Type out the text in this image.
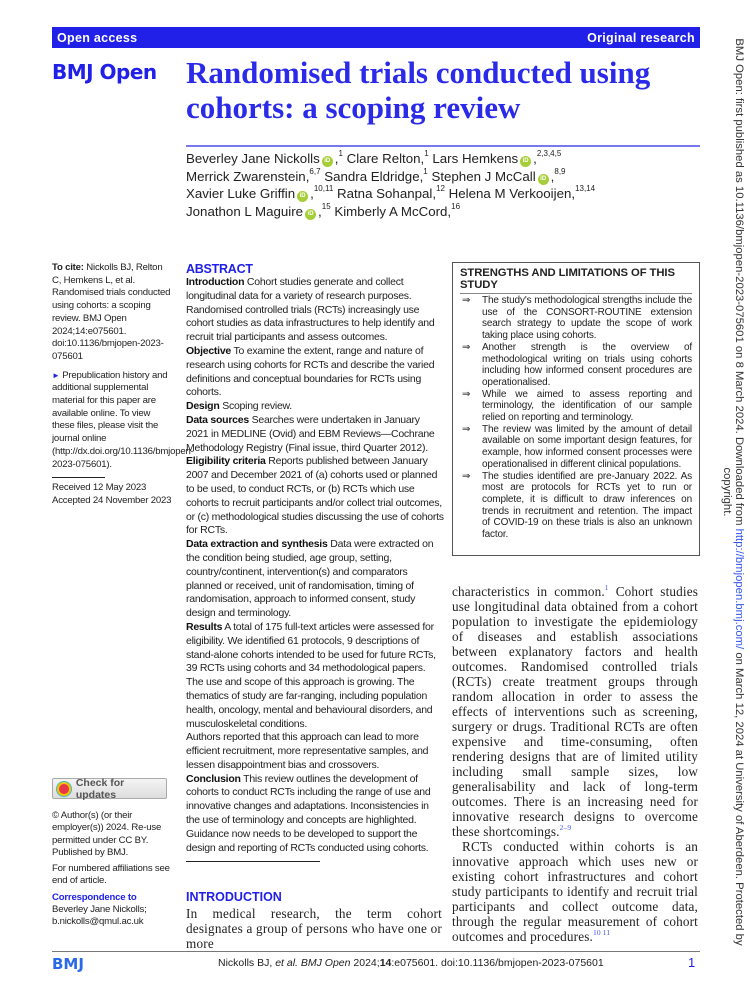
Open access	Original research
BMJ Open Randomised trials conducted using cohorts: a scoping review
Beverley Jane Nickolls iD ,$^1$ Clare Relton,$^1$ Lars Hemkens iD ,$^{2,3,4,5}$
Merrick Zwarenstein,$^{6,7}$ Sandra Eldridge,$^1$ Stephen J McCall iD ,$^{8,9}$
Xavier Luke Griffin iD ,$^{10,11}$ Ratna Sohanpal,$^{12}$ Helena M Verkooijen,$^{13,14}$
Jonathon L Maguire iD ,$^{15}$ Kimberly A McCord,$^{16}$

To cite: Nickolls BJ, Relton C, Hemkens L, et al. Randomised trials conducted using cohorts: a scoping review. BMJ Open 2024;14:e075601. doi:10.1136/bmjopen-2023-075601

► Prepublication history and additional supplemental material for this paper are available online. To view these files, please visit the journal online (http://dx.doi.org/10.1136/bmjopen-2023-075601).

Received 12 May 2023
Accepted 24 November 2023
Check for updates

© Author(s) (or their employer(s)) 2024. Re-use permitted under CC BY. Published by BMJ.

For numbered affiliations see end of article.

Correspondence to
Beverley Jane Nickolls;
b.nickolls@qmul.ac.uk
ABSTRACT
Introduction Cohort studies generate and collect longitudinal data for a variety of research purposes. Randomised controlled trials (RCTs) increasingly use cohort studies as data infrastructures to help identify and recruit trial participants and assess outcomes.
Objective To examine the extent, range and nature of research using cohorts for RCTs and describe the varied definitions and conceptual boundaries for RCTs using cohorts.
Design Scoping review.
Data sources Searches were undertaken in January 2021 in MEDLINE (Ovid) and EBM Reviews—Cochrane Methodology Registry (Final issue, third Quarter 2012).
Eligibility criteria Reports published between January 2007 and December 2021 of (a) cohorts used or planned to be used, to conduct RCTs, or (b) RCTs which use cohorts to recruit participants and/or collect trial outcomes, or (c) methodological studies discussing the use of cohorts for RCTs.
Data extraction and synthesis Data were extracted on the condition being studied, age group, setting, country/continent, intervention(s) and comparators planned or received, unit of randomisation, timing of randomisation, approach to informed consent, study design and terminology.
Results A total of 175 full-text articles were assessed for eligibility. We identified 61 protocols, 9 descriptions of stand-alone cohorts intended to be used for future RCTs, 39 RCTs using cohorts and 34 methodological papers. The use and scope of this approach is growing. The thematics of study are far-ranging, including population health, oncology, mental and behavioural disorders, and musculoskeletal conditions.
Authors reported that this approach can lead to more efficient recruitment, more representative samples, and lessen disappointment bias and crossovers.
Conclusion This review outlines the development of cohorts to conduct RCTs including the range of use and innovative changes and adaptations. Inconsistencies in the use of terminology and concepts are highlighted. Guidance now needs to be developed to support the design and reporting of RCTs conducted using cohorts.
INTRODUCTION

In medical research, the term cohort designates a group of persons who have one or more

STRENGTHS AND LIMITATIONS OF THIS STUDY
⇒ The study's methodological strengths include the use of the CONSORT-ROUTINE extension search strategy to update the scope of work taking place using cohorts.
⇒ Another strength is the overview of methodological writing on trials using cohorts including how informed consent procedures are operationalised.
⇒ While we aimed to assess reporting and terminology, the identification of our sample relied on reporting and terminology.
⇒ The review was limited by the amount of detail available on some important design features, for example, how informed consent processes were operationalised in different clinical populations.
⇒ The studies identified are pre-January 2022. As most are protocols for RCTs yet to run or complete, it is difficult to draw inferences on trends in recruitment and retention. The impact of COVID-19 on these trials is also an unknown factor.

characteristics in common.$^1$ Cohort studies use longitudinal data obtained from a cohort population to investigate the epidemiology of diseases and establish associations between explanatory factors and health outcomes. Randomised controlled trials (RCTs) create treatment groups through random allocation in order to assess the effects of interventions such as screening, surgery or drugs. Traditional RCTs are often expensive and time-consuming, often rendering designs that are of limited utility including small sample sizes, low generalisability and lack of long-term outcomes. There is an increasing need for innovative research designs to overcome these shortcomings.$^{2-9}$

RCTs conducted within cohorts is an innovative approach which uses new or existing cohort infrastructures and cohort study participants to identify and recruit trial participants and collect outcome data, through the regular measurement of cohort outcomes and procedures.$^{10 11}$

BMJ	Nickolls BJ, et al. BMJ Open 2024;14:e075601. doi:10.1136/bmjopen-2023-075601	1
BMJ Open: first published as 10.1136/bmjopen-2023-075601 on 8 March 2024. Downloaded from http://bmjopen.bmj.com/ on March 12, 2024 at University of Aberdeen. Protected by copyright.
